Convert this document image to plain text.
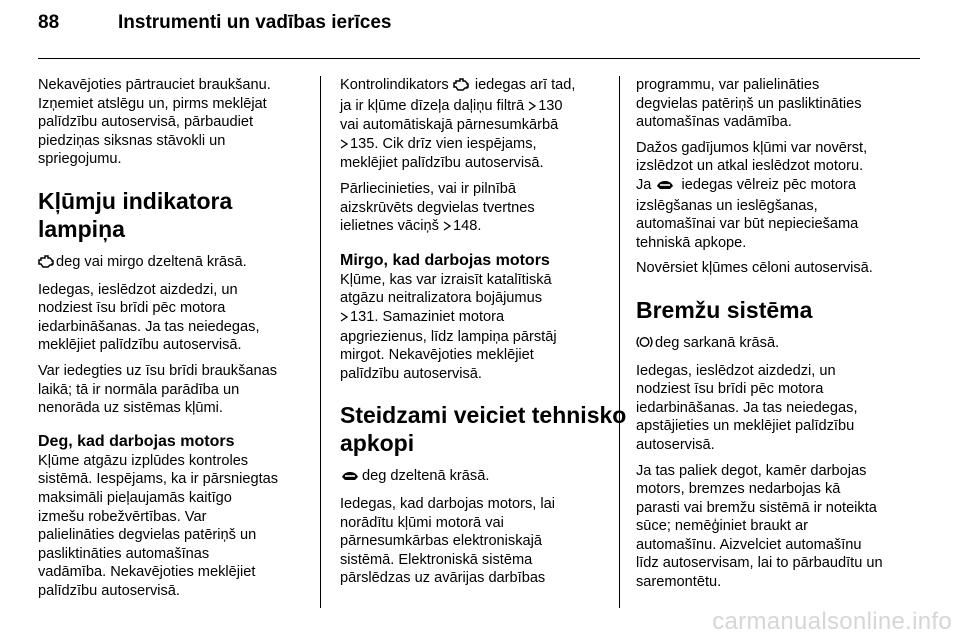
88	Instrumenti un vadības ierīces

Nekavējoties pārtrauciet braukšanu.
Izņemiet atslēgu un, pirms meklējat
palīdzību autoservisā, pārbaudiet
piedziņas siksnas stāvokli un
spriegojumu.

Kļūmju indikatora lampiņa

deg vai mirgo dzeltenā krāsā.

Iedegas, ieslēdzot aizdedzi, un
nodziest īsu brīdi pēc motora
iedarbināšanas. Ja tas neiedegas,
meklējiet palīdzību autoservisā.

Var iedegties uz īsu brīdi braukšanas
laikā; tā ir normāla parādība un
nenorāda uz sistēmas kļūmi.

Deg, kad darbojas motors

Kļūme atgāzu izplūdes kontroles
sistēmā. Iespējams, ka ir pārsniegtas
maksimāli pieļaujamās kaitīgo
izmešu robežvērtības. Var
palielināties degvielas patēriņš un
pasliktināties automašīnas
vadāmība. Nekavējoties meklējiet
palīdzību autoservisā.

Kontrolindikators iedegas arī tad,
ja ir kļūme dīzeļa daļiņu filtrā 130
vai automātiskajā pārnesumkārbā
135. Cik drīz vien iespējams,
meklējiet palīdzību autoservisā.

Pārliecinieties, vai ir pilnībā
aizskrūvēts degvielas tvertnes
ielietnes vāciņš 148.

Mirgo, kad darbojas motors

Kļūme, kas var izraisīt katalītiskā
atgāzu neitralizatora bojājumus
131. Samaziniet motora
apgriezienus, līdz lampiņa pārstāj
mirgot. Nekavējoties meklējiet
palīdzību autoservisā.

Steidzami veiciet tehnisko
apkopi

deg dzeltenā krāsā.

Iedegas, kad darbojas motors, lai
norādītu kļūmi motorā vai
pārnesumkārbas elektroniskajā
sistēmā. Elektroniskā sistēma
pārslēdzas uz avārijas darbības

programmu, var palielināties
degvielas patēriņš un pasliktināties
automašīnas vadāmība.

Dažos gadījumos kļūmi var novērst,
izslēdzot un atkal ieslēdzot motoru.
Ja iedegas vēlreiz pēc motora
izslēgšanas un ieslēgšanas,
automašīnai var būt nepieciešama
tehniskā apkope.

Novērsiet kļūmes cēloni autoservisā.

Bremžu sistēma

deg sarkanā krāsā.

Iedegas, ieslēdzot aizdedzi, un
nodziest īsu brīdi pēc motora
iedarbināšanas. Ja tas neiedegas,
apstājieties un meklējiet palīdzību
autoservisā.

Ja tas paliek degot, kamēr darbojas
motors, bremzes nedarbojas kā
parasti vai bremžu sistēmā ir noteikta
sūce; nemēģiniet braukt ar
automašīnu. Aizvelciet automašīnu
līdz autoservisam, lai to pārbaudītu un
saremontētu.

carmanualsonline.info
